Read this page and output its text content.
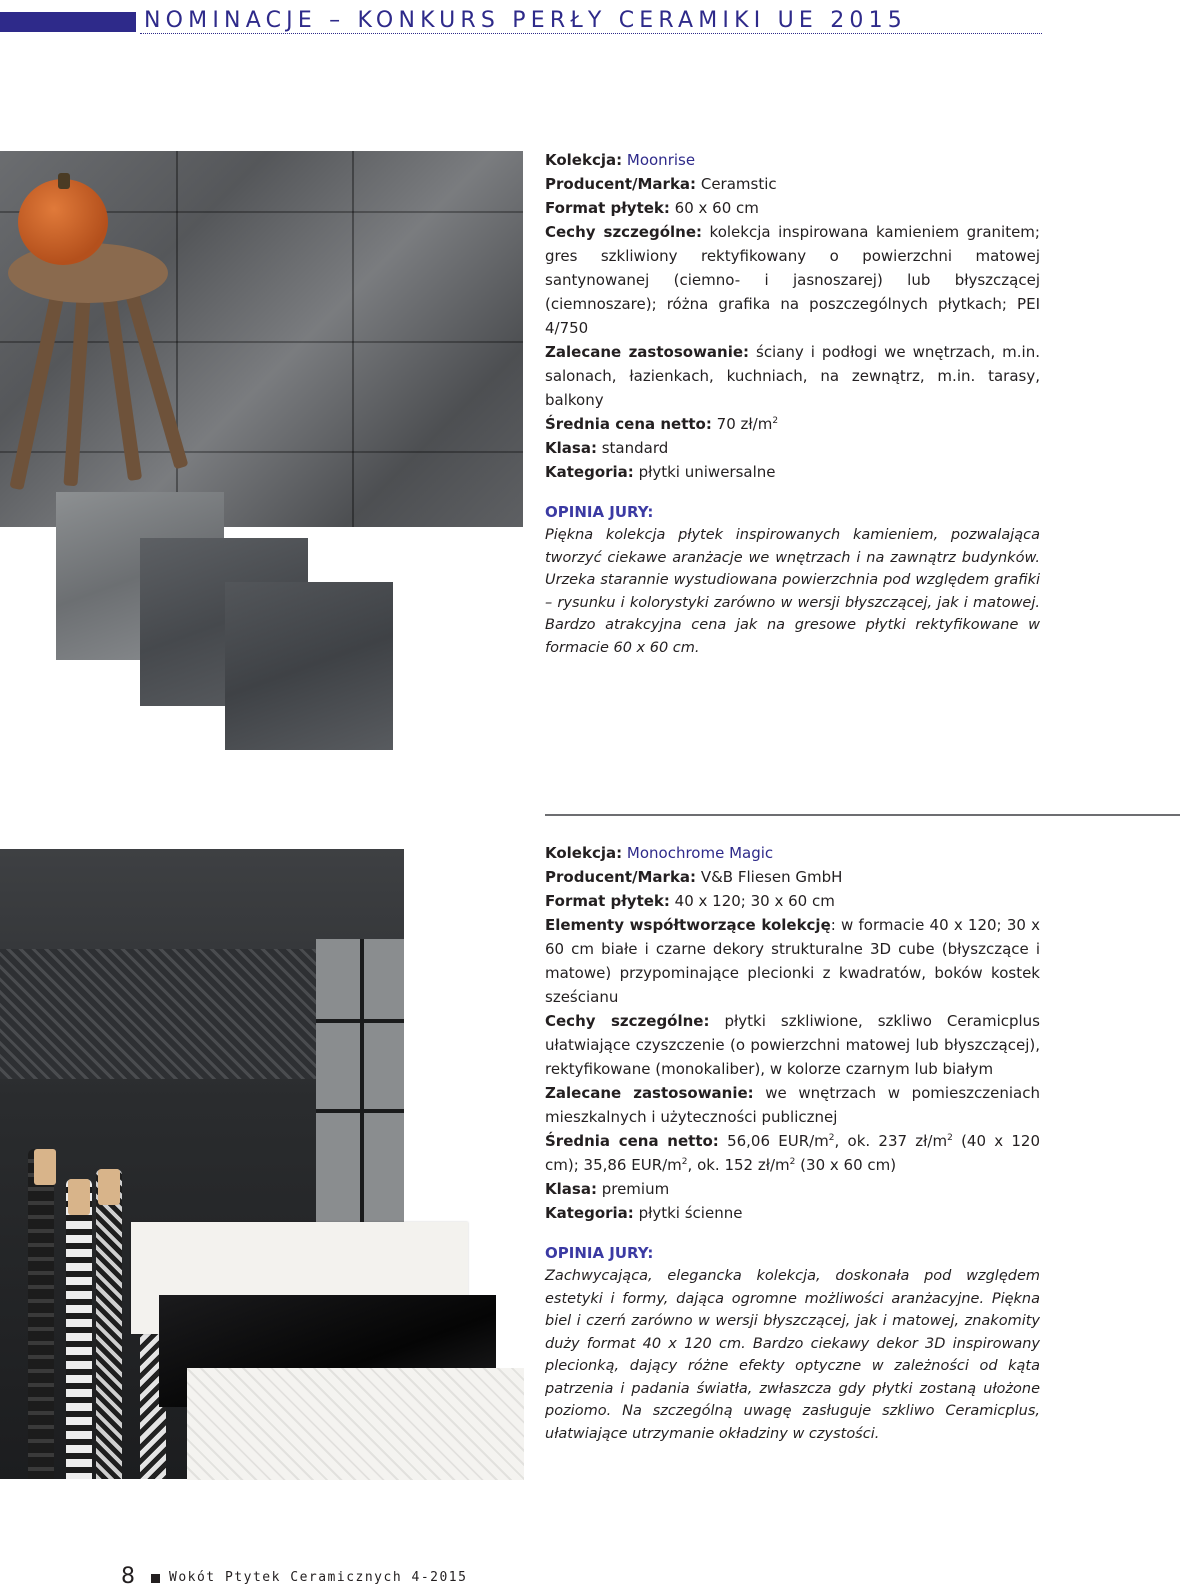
NOMINACJE – KONKURS PERŁY CERAMIKI UE 2015

Kolekcja: Moonrise

Producent/Marka: Ceramstic

Format płytek: 60 x 60 cm

Cechy szczególne: kolekcja inspirowana kamieniem granitem; gres szkliwiony rektyfikowany o powierzchni matowej santynowanej (ciemno- i jasnoszarej) lub błyszczącej (ciemnoszare); różna grafika na poszczególnych płytkach; PEI 4/750

Zalecane zastosowanie: ściany i podłogi we wnętrzach, m.in. salonach, łazienkach, kuchniach, na zewnątrz, m.in. tarasy, balkony

Średnia cena netto: 70 $zł/m^2$

Klasa: standard

Kategoria: płytki uniwersalne

OPINIA JURY:

Piękna kolekcja płytek inspirowanych kamieniem, pozwalająca tworzyć ciekawe aranżacje we wnętrzach i na zawnątrz budynków. Urzeka starannie wystudiowana powierzchnia pod względem grafiki – rysunku i kolorystyki zarówno w wersji błyszczącej, jak i matowej. Bardzo atrakcyjna cena jak na gresowe płytki rektyfikowane w formacie 60 x 60 cm.

Kolekcja: Monochrome Magic

Producent/Marka: V&B Fliesen GmbH

Format płytek: 40 x 120; 30 x 60 cm

Elementy współtworzące kolekcję: w formacie 40 x 120; 30 x 60 cm białe i czarne dekory strukturalne 3D cube (błyszczące i matowe) przypominające plecionki z kwadratów, boków kostek sześcianu

Cechy szczególne: płytki szkliwione, szkliwo Ceramicplus ułatwiające czyszczenie (o powierzchni matowej lub błyszczącej), rektyfikowane (monokaliber), w kolorze czarnym lub białym

Zalecane zastosowanie: we wnętrzach w pomieszczeniach mieszkalnych i użyteczności publicznej

Średnia cena netto: 56,06 EUR/$m^2$, ok. 237 $zł/m^2$ (40 x 120 cm); 35,86 EUR/$m^2$, ok. 152 $zł/m^2$ (30 x 60 cm)

Klasa: premium

Kategoria: płytki ścienne

OPINIA JURY:

Zachwycająca, elegancka kolekcja, doskonała pod względem estetyki i formy, dająca ogromne możliwości aranżacyjne. Piękna biel i czerń zarówno w wersji błyszczącej, jak i matowej, znakomity duży format 40 x 120 cm. Bardzo ciekawy dekor 3D inspirowany plecionką, dający różne efekty optyczne w zależności od kąta patrzenia i padania światła, zwłaszcza gdy płytki zostaną ułożone poziomo. Na szczególną uwagę zasługuje szkliwo Ceramicplus, ułatwiające utrzymanie okładziny w czystości.

8	Wokót Ptytek Ceramicznych 4-2015
